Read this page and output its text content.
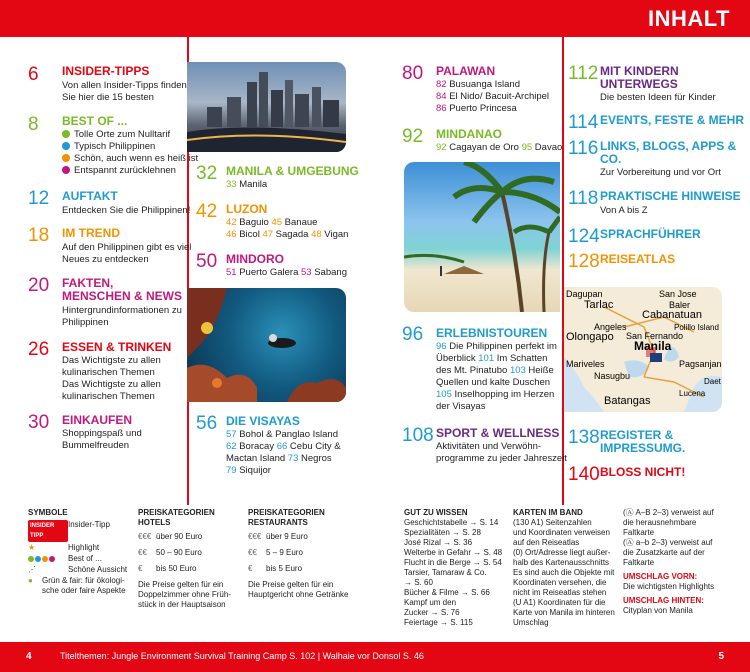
INHALT
6 INSIDER-TIPPS
Von allen Insider-Tipps finden
Sie hier die 15 besten
8 BEST OF ...
Tolle Orte zum Nulltarif
Typisch Philippinen
Schön, auch wenn es heiß ist
Entspannt zurücklehnen
12 AUFTAKT
Entdecken Sie die Philippinen!
18 IM TREND
Auf den Philippinen gibt es viel
Neues zu entdecken
20 FAKTEN,
MENSCHEN & NEWS
Hintergrundinformationen zu
Philippinen
26 ESSEN & TRINKEN
Das Wichtigste zu allen
kulinarischen Themen
Das Wichtigste zu allen
kulinarischen Themen
30 EINKAUFEN
Shoppingspaß und
Bummelfreuden
32 MANILA & UMGEBUNG
33 Manila
42 LUZON
42 Baguio 45 Banaue
46 Bicol 47 Sagada 48 Vigan
50 MINDORO
51 Puerto Galera 53 Sabang
56 DIE VISAYAS
57 Bohol & Panglao Island
62 Boracay 66 Cebu City &
Mactan Island 73 Negros
79 Siquijor
80 PALAWAN
82 Busuanga Island
84 El Nido/ Bacuit-Archipel
86 Puerto Princesa
92 MINDANAO
92 Cagayan de Oro 95 Davao
96 ERLEBNISTOUREN
96 Die Philippinen perfekt im
Überblick 101 Im Schatten
des Mt. Pinatubo 103 Heiße
Quellen und kalte Duschen
105 Inselhopping im Herzen
der Visayas
108 SPORT & WELLNESS
Aktivitäten und Verwöhn-
programme zu jeder Jahreszeit
112 MIT KINDERN
UNTERWEGS
Die besten Ideen für Kinder
114 EVENTS, FESTE & MEHR
116 LINKS, BLOGS, APPS &
CO.
Zur Vorbereitung und vor Ort
118 PRAKTISCHE HINWEISE
Von A bis Z
124 SPRACHFÜHRER
128 REISEATLAS
Dagupan	San Jose
Tarlac	Baler
Cabanatuan
Angeles
Olongapo San Fernando
Polillo Island
Mariveles
Manila
Nasugbu
Pagsanjan
Batangas
Lucena
Daet
138 REGISTER &
IMPRESSUMG.
140 BLOSS NICHT!
SYMBOLE
INSIDER TIPP
Insider-Tipp
★	Highlight
Best of ...
⋰	Schöne Aussicht
●	Grün & fair: für ökologi-
sche oder faire Aspekte
PREISKATEGORIEN
HOTELS
€€€ über 90 Euro
€€	50 – 90 Euro
€	bis 50 Euro
Die Preise gelten für ein
Doppelzimmer ohne Früh-
stück in der Hauptsaison
PREISKATEGORIEN
RESTAURANTS
€€€ über 9 Euro
€€	5 – 9 Euro
€	bis 5 Euro
Die Preise gelten für ein
Hauptgericht ohne Getränke
GUT ZU WISSEN
Geschichtstabelle → S. 14
Spezialitäten → S. 28
José Rizal → S. 36
Welterbe in Gefahr → S. 48
Flucht in die Berge → S. 54
Tarsier, Tamaraw & Co.
→ S. 60
Bücher & Filme → S. 66
Kampf um den
Zucker → S. 76
Feiertage → S. 115
KARTEN IM BAND
(130 A1) Seitenzahlen
und Koordinaten verweisen
auf den Reiseatlas
(0) Ort/Adresse liegt außer-
halb des Kartenausschnitts
Es sind auch die Objekte mit
Koordinaten versehen, die
nicht im Reiseatlas stehen
(U A1) Koordinaten für die
Karte von Manila im hinteren
Umschlag
(Ⓐ A–B 2–3) verweist auf
die herausnehmbare
Faltkarte
(Ⓐ a–b 2–3) verweist auf
die Zusatzkarte auf der
Faltkarte
UMSCHLAG VORN:
Die wichtigsten Highlights
UMSCHLAG HINTEN:
Cityplan von Manila
4	Titelthemen: Jungle Environment Survival Training Camp S. 102 | Walhaie vor Donsol S. 46	5
